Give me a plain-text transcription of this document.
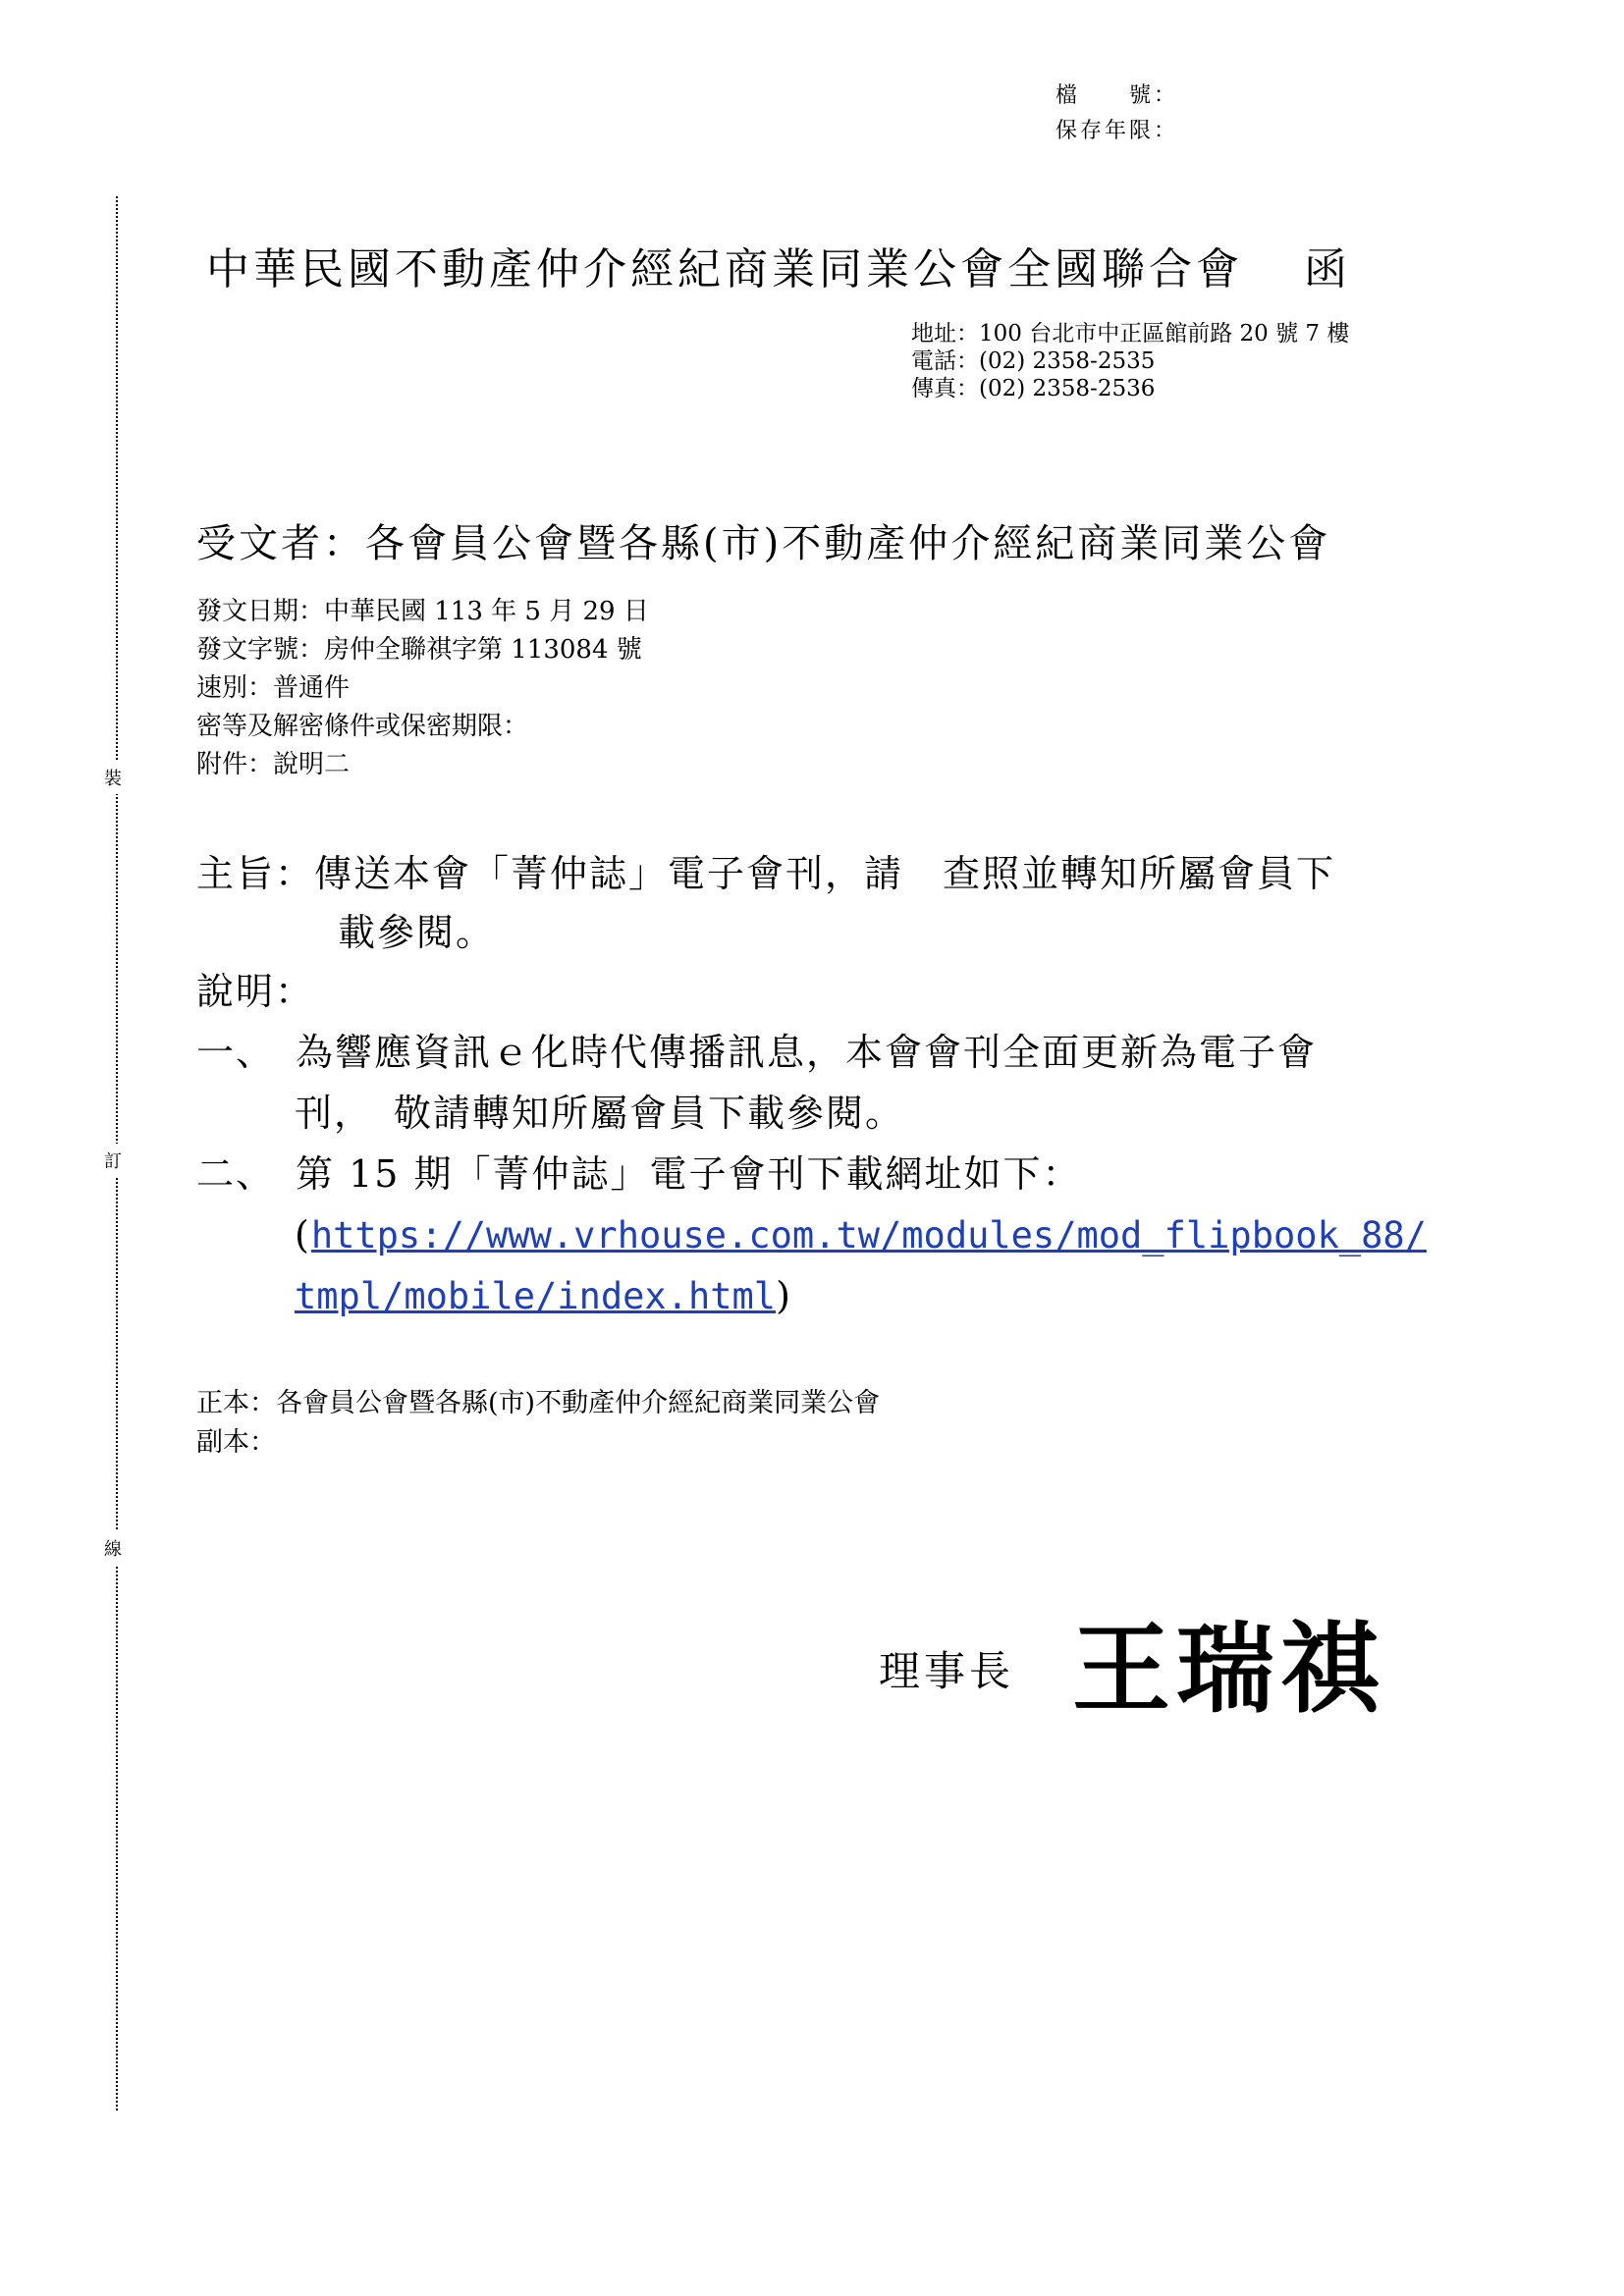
檔　　號：
保存年限：
裝
訂
線
中華民國不動產仲介經紀商業同業公會全國聯合會 函
地址：100 台北市中正區館前路 20 號 7 樓
電話：(02) 2358-2535
傳真：(02) 2358-2536
受文者：各會員公會暨各縣(市)不動產仲介經紀商業同業公會
發文日期：中華民國 113 年 5 月 29 日
發文字號：房仲全聯祺字第 113084 號
速別：普通件
密等及解密條件或保密期限：
附件：說明二
主旨：傳送本會「菁仲誌」電子會刊，請　查照並轉知所屬會員下
載參閱。
說明：
一、　為響應資訊ｅ化時代傳播訊息，本會會刊全面更新為電子會
刊，　敬請轉知所屬會員下載參閱。
二、　第 15 期「菁仲誌」電子會刊下載網址如下：
(https://www.vrhouse.com.tw/modules/mod_flipbook_88/
tmpl/mobile/index.html)
正本：各會員公會暨各縣(市)不動產仲介經紀商業同業公會
副本：
理事長 王瑞祺
